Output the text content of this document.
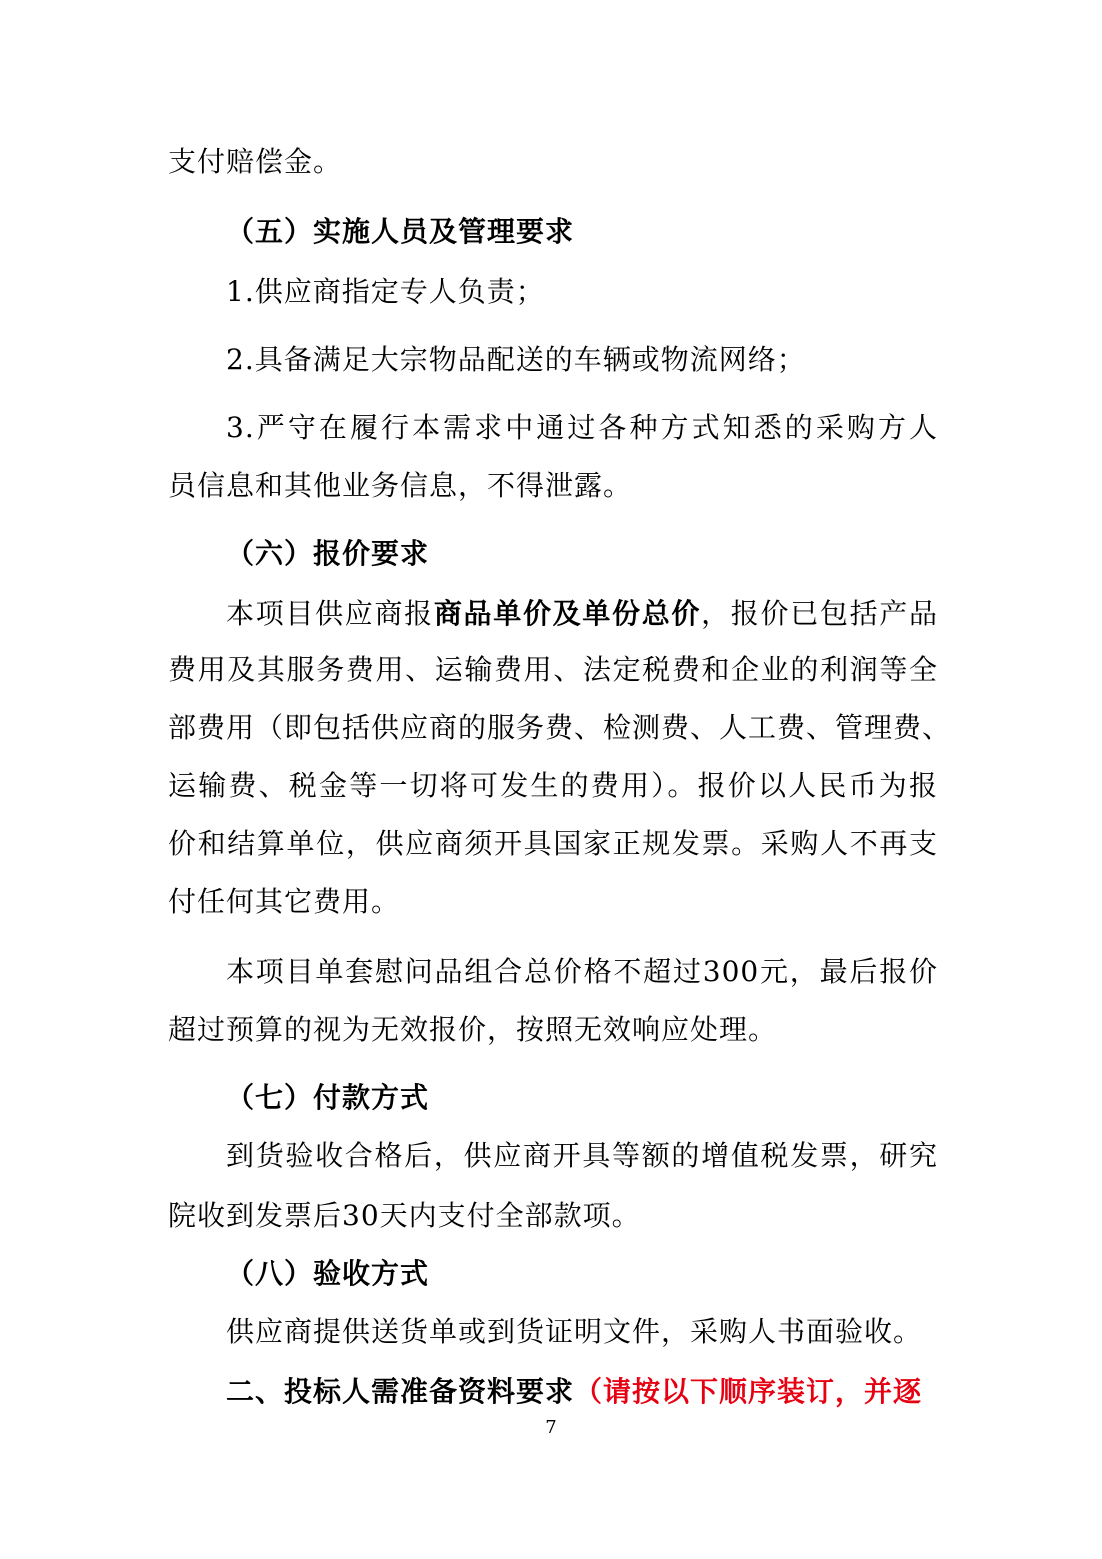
支付赔偿金。
（五）实施人员及管理要求
1.供应商指定专人负责；
2.具备满足大宗物品配送的车辆或物流网络；
3.严守在履行本需求中通过各种方式知悉的采购方人
员信息和其他业务信息，不得泄露。
（六）报价要求
本项目供应商报商品单价及单份总价，报价已包括产品
费用及其服务费用、运输费用、法定税费和企业的利润等全
部费用（即包括供应商的服务费、检测费、人工费、管理费、
运输费、税金等一切将可发生的费用）。报价以人民币为报
价和结算单位，供应商须开具国家正规发票。采购人不再支
付任何其它费用。
本项目单套慰问品组合总价格不超过300元，最后报价
超过预算的视为无效报价，按照无效响应处理。
（七）付款方式
到货验收合格后，供应商开具等额的增值税发票，研究
院收到发票后30天内支付全部款项。
（八）验收方式
供应商提供送货单或到货证明文件，采购人书面验收。
二、投标人需准备资料要求（请按以下顺序装订，并逐
7
